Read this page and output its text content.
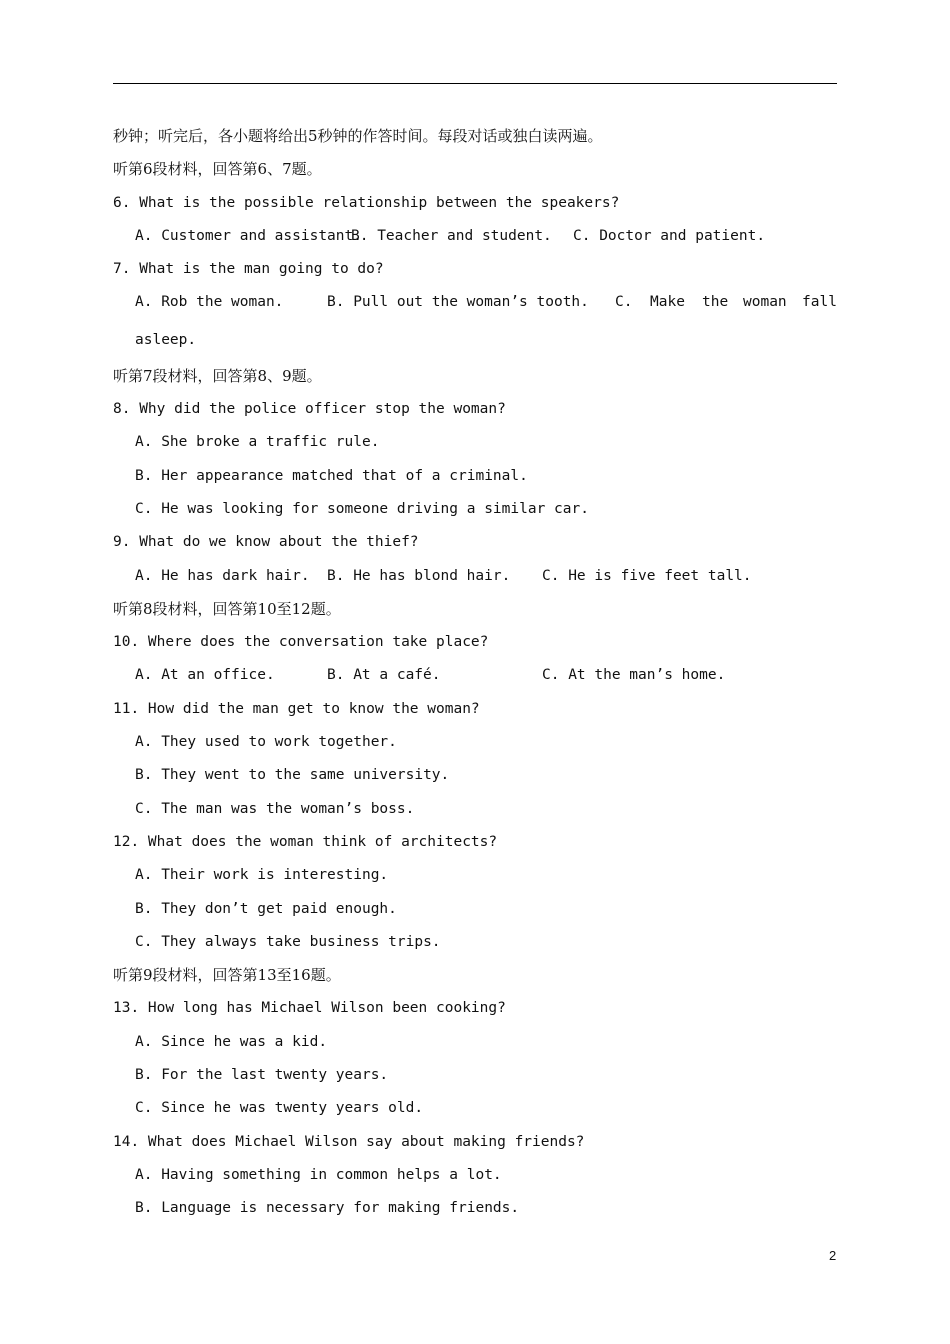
秒钟；听完后，各小题将给出5秒钟的作答时间。每段对话或独白读两遍。
听第6段材料，回答第6、7题。
6. What is the possible relationship between the speakers?

A. Customer and assistant.

B. Teacher and student.

C. Doctor and patient.

7. What is the man going to do?

A. Rob the woman.

	B. Pull out the woman’s tooth.

C.

Make

the

woman

fall

asleep.
听第7段材料，回答第8、9题。
8. Why did the police officer stop the woman?
A. She broke a traffic rule.
B. Her appearance matched that of a criminal.
C. He was looking for someone driving a similar car.
9. What do we know about the thief?

A. He has dark hair.

B. He has blond hair.

C. He is five feet tall.

听第8段材料，回答第10至12题。
10. Where does the conversation take place?

A. At an office.

	B. At a café.

	C. At the man’s home.

11. How did the man get to know the woman?
A. They used to work together.
B. They went to the same university.
C. The man was the woman’s boss.
12. What does the woman think of architects?
A. Their work is interesting.
B. They don’t get paid enough.
C. They always take business trips.
听第9段材料，回答第13至16题。
13. How long has Michael Wilson been cooking?
A. Since he was a kid.
B. For the last twenty years.
C. Since he was twenty years old.
14. What does Michael Wilson say about making friends?
A. Having something in common helps a lot.
B. Language is necessary for making friends.
2
